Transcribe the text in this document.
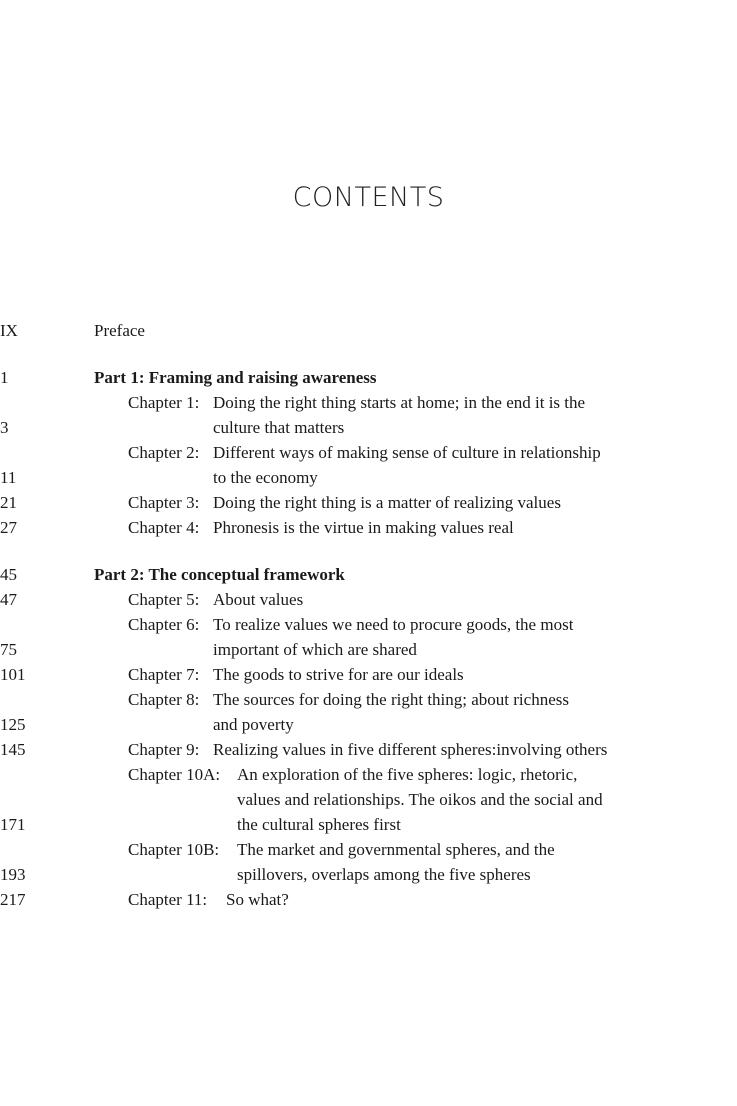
CONTENTS
Preface
IX
Part 1: Framing and raising awareness
1
Chapter 1: Doing the right thing starts at home; in the end it is the
culture that matters
3
Chapter 2: Different ways of making sense of culture in relationship
to the economy
11
Chapter 3: Doing the right thing is a matter of realizing values
21
Chapter 4: Phronesis is the virtue in making values real
27
Part 2: The conceptual framework
45
Chapter 5: About values
47
Chapter 6: To realize values we need to procure goods, the most
important of which are shared
75
Chapter 7: The goods to strive for are our ideals
101
Chapter 8: The sources for doing the right thing; about richness
and poverty
125
Chapter 9: Realizing values in five different spheres:involving others
145
Chapter 10A: An exploration of the five spheres: logic, rhetoric,
values and relationships. The oikos and the social and
the cultural spheres first
171
Chapter 10B: The market and governmental spheres, and the
spillovers, overlaps among the five spheres
193
Chapter 11: So what?
217
